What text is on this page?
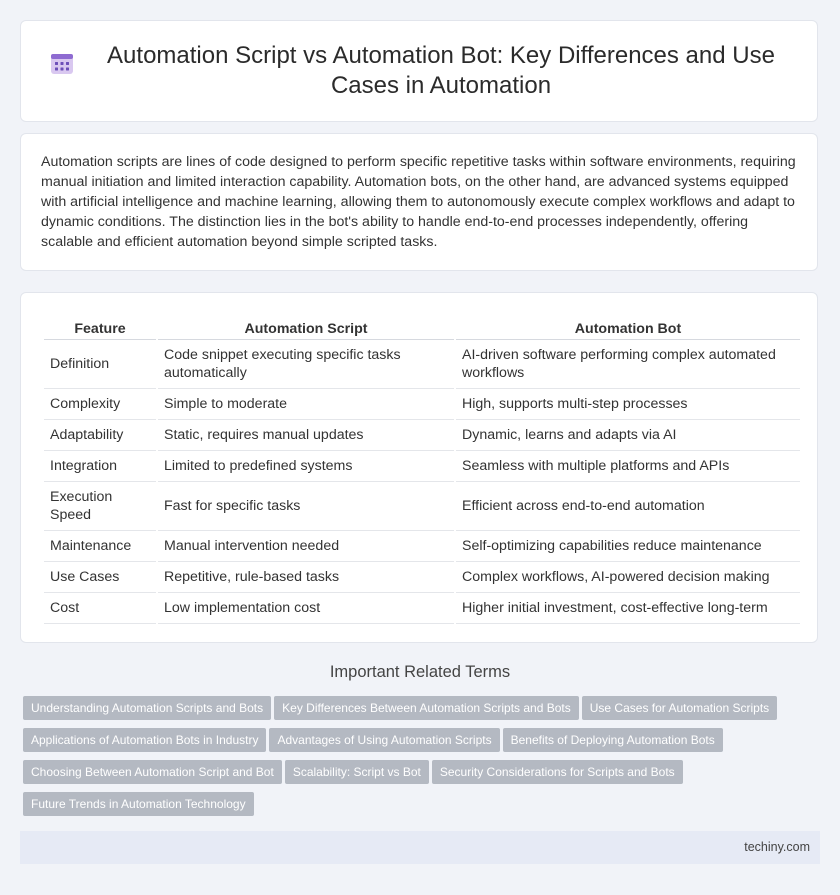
Automation Script vs Automation Bot: Key Differences and Use Cases in Automation

Automation scripts are lines of code designed to perform specific repetitive tasks within software environments, requiring manual initiation and limited interaction capability. Automation bots, on the other hand, are advanced systems equipped with artificial intelligence and machine learning, allowing them to autonomously execute complex workflows and adapt to dynamic conditions. The distinction lies in the bot's ability to handle end-to-end processes independently, offering scalable and efficient automation beyond simple scripted tasks.

Feature	Automation Script	Automation Bot
Definition	Code snippet executing specific tasks automatically	AI-driven software performing complex automated workflows
Complexity	Simple to moderate	High, supports multi-step processes
Adaptability	Static, requires manual updates	Dynamic, learns and adapts via AI
Integration	Limited to predefined systems	Seamless with multiple platforms and APIs
Execution Speed	Fast for specific tasks	Efficient across end-to-end automation
Maintenance	Manual intervention needed	Self-optimizing capabilities reduce maintenance
Use Cases	Repetitive, rule-based tasks	Complex workflows, AI-powered decision making
Cost	Low implementation cost	Higher initial investment, cost-effective long-term
Important Related Terms
Understanding Automation Scripts and Bots Key Differences Between Automation Scripts and Bots Use Cases for Automation Scripts
Applications of Automation Bots in Industry Advantages of Using Automation Scripts Benefits of Deploying Automation Bots
Choosing Between Automation Script and Bot Scalability: Script vs Bot Security Considerations for Scripts and Bots
Future Trends in Automation Technology
techiny.com
